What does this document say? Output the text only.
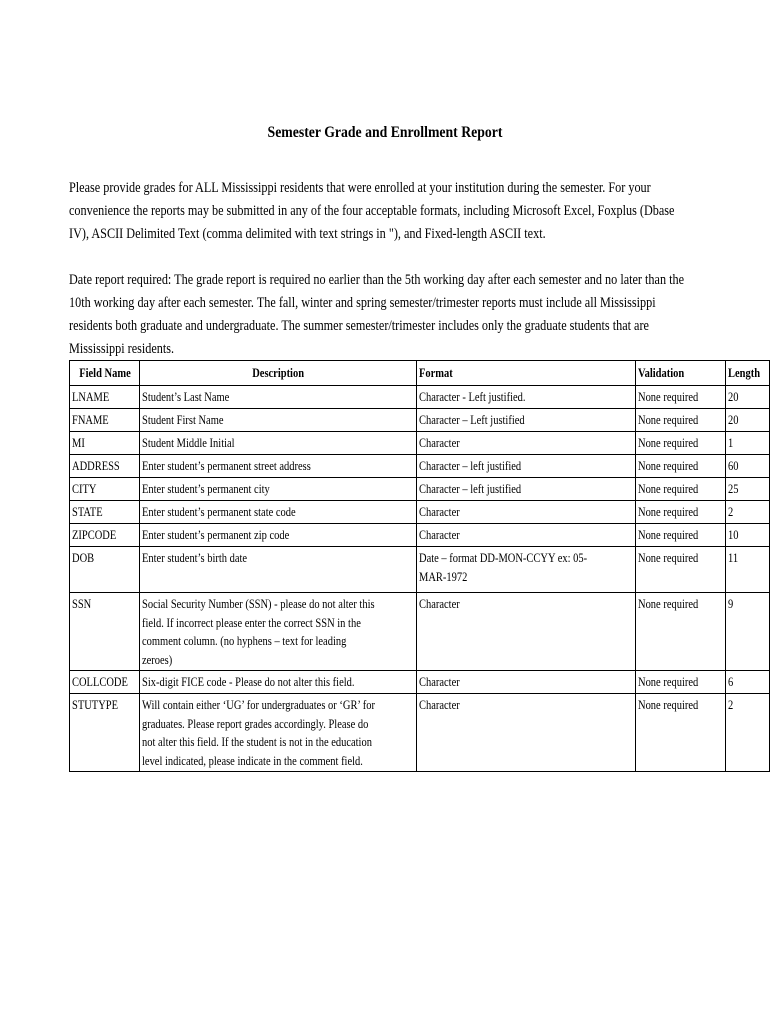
Semester Grade and Enrollment Report

Please provide grades for ALL Mississippi residents that were enrolled at your institution during the semester. For your convenience the reports may be submitted in any of the four acceptable formats, including Microsoft Excel, Foxplus (Dbase IV), ASCII Delimited Text (comma delimited with text strings in "), and Fixed-length ASCII text.

Date report required: The grade report is required no earlier than the 5th working day after each semester and no later than the 10th working day after each semester. The fall, winter and spring semester/trimester reports must include all Mississippi residents both graduate and undergraduate. The summer semester/trimester includes only the graduate students that are Mississippi residents.

Field Name	Description	Format	Validation	Length
LNAME	Student’s Last Name	Character - Left justified.	None required	20
FNAME	Student First Name	Character – Left justified	None required	20
MI	Student Middle Initial	Character	None required	1
ADDRESS	Enter student’s permanent street address	Character – left justified	None required	60
CITY	Enter student’s permanent city	Character – left justified	None required	25
STATE	Enter student’s permanent state code	Character	None required	2
ZIPCODE	Enter student’s permanent zip code	Character	None required	10
DOB	Enter student’s birth date	Date – format DD-MON-CCYY ex: 05-MAR-1972	None required	11
SSN	Social Security Number (SSN) - please do not alter this field. If incorrect please enter the correct SSN in the comment column. (no hyphens – text for leading zeroes)	Character	None required	9
COLLCODE	Six-digit FICE code - Please do not alter this field.	Character	None required	6
STUTYPE	Will contain either ‘UG’ for undergraduates or ‘GR’ for graduates. Please report grades accordingly. Please do not alter this field. If the student is not in the education level indicated, please indicate in the comment field.	Character	None required	2
